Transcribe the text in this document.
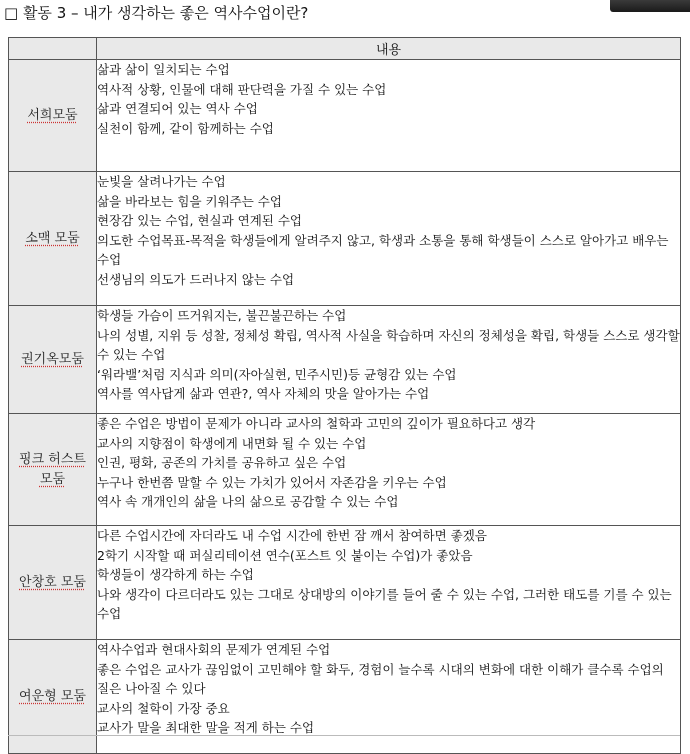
□ 활동 3 – 내가 생각하는 좋은 역사수업이란?
	내용
서희모둠	삶과 삶이 일치되는 수업
역사적 상황, 인물에 대해 판단력을 가질 수 있는 수업
삶과 연결되어 있는 역사 수업
실천이 함께, 같이 함께하는 수업

소맥 모둠	눈빛을 살려나가는 수업
삶을 바라보는 힘을 키워주는 수업
현장감 있는 수업, 현실과 연계된 수업
의도한 수업목표-목적을 학생들에게 알려주지 않고, 학생과 소통을 통해 학생들이 스스로 알아가고 배우는 수업
선생님의 의도가 드러나지 않는 수업

권기옥모둠	학생들 가슴이 뜨거워지는, 불끈불끈하는 수업
나의 성별, 지위 등 성찰, 정체성 확립, 역사적 사실을 학습하며 자신의 정체성을 확립, 학생들 스스로 생각할 수 있는 수업
‘워라밸’처럼 지식과 의미(자아실현, 민주시민)등 균형감 있는 수업
역사를 역사답게 삶과 연관?, 역사 자체의 맛을 알아가는 수업

핑크 허스트 모둠	좋은 수업은 방법이 문제가 아니라 교사의 철학과 고민의 깊이가 필요하다고 생각
교사의 지향점이 학생에게 내면화 될 수 있는 수업
인권, 평화, 공존의 가치를 공유하고 싶은 수업
누구나 한번쯤 말할 수 있는 가치가 있어서 자존감을 키우는 수업
역사 속 개개인의 삶을 나의 삶으로 공감할 수 있는 수업

안창호 모둠	다른 수업시간에 자더라도 내 수업 시간에 한번 잠 깨서 참여하면 좋겠음
2학기 시작할 때 퍼실리테이션 연수(포스트 잇 붙이는 수업)가 좋았음
학생들이 생각하게 하는 수업
나와 생각이 다르더라도 있는 그대로 상대방의 이야기를 들어 줄 수 있는 수업, 그러한 태도를 기를 수 있는 수업

여운형 모둠	역사수업과 현대사회의 문제가 연계된 수업
좋은 수업은 교사가 끊임없이 고민해야 할 화두, 경험이 늘수록 시대의 변화에 대한 이해가 클수록 수업의 질은 나아질 수 있다
교사의 철학이 가장 중요
교사가 말을 최대한 말을 적게 하는 수업
